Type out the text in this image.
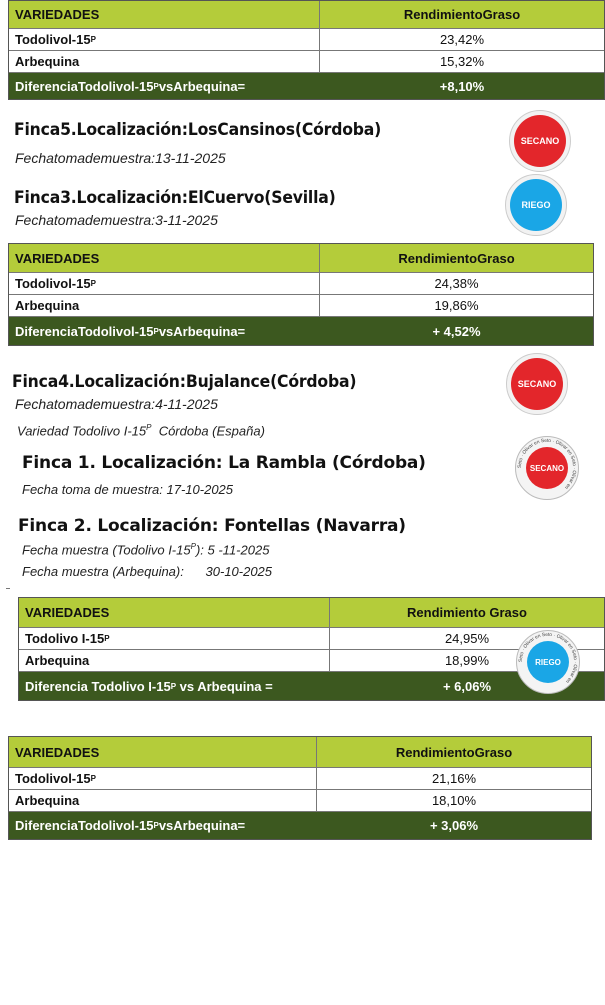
VARIEDADES	RendimientoGraso
Todolivol-15 P	23,42%
Arbequina	15,32%
DiferenciaTodolivol-15 P vsArbequina=	+8,10%
Finca5.Localización:LosCansinos(Córdoba)
Fechatomademuestra:13-11-2025
SECANO
Finca3.Localización:ElCuervo(Sevilla)
Fechatomademuestra:3-11-2025
RIEGO
VARIEDADES	RendimientoGraso
Todolivol-15 P	24,38%
Arbequina	19,86%
DiferenciaTodolivol-15 P vsArbequina=	+ 4,52%
Finca4.Localización:Bujalance(Córdoba)
Fechatomademuestra:4-11-2025
Variedad Todolivo $I-15^P$  Córdoba (España)
SECANO
Finca 1. Localización: La Rambla (Córdoba)
Fecha toma de muestra: 17-10-2025
Seto · Olivar en Seto · Olivar en Seto · Olivar en
SECANO
Finca 2. Localización: Fontellas (Navarra)
Fecha muestra (Todolivo $I-15^P$): 5 -11-2025
Fecha muestra (Arbequina):      30-10-2025
VARIEDADES	Rendimiento Graso
Todolivo I-15 P	24,95%
Arbequina	18,99%
Diferencia Todolivo I-15 P vs Arbequina =	+ 6,06%
Seto · Olivar en Seto · Olivar en Seto · Olivar en
RIEGO
VARIEDADES	RendimientoGraso
Todolivol-15 P	21,16%
Arbequina	18,10%
DiferenciaTodolivol-15 P vsArbequina=	+ 3,06%
